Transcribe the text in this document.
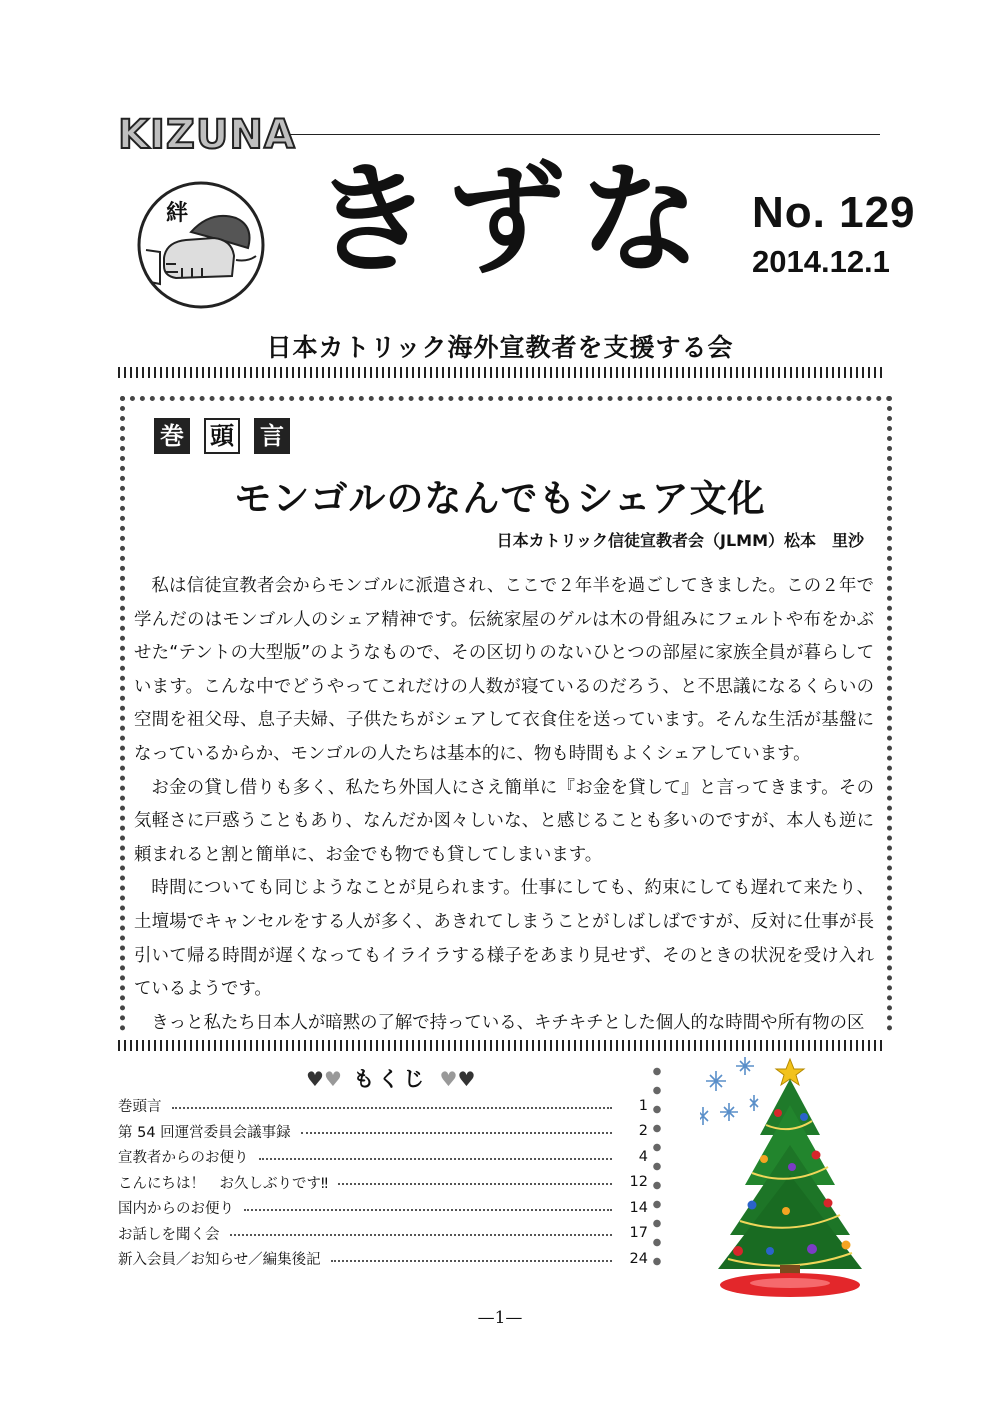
KIZUNA
絆 きずな No. 129
2014.12.1
日本カトリック海外宣教者を支援する会
巻 頭 言
モンゴルのなんでもシェア文化
日本カトリック信徒宣教者会（JLMM）松本　里沙

私は信徒宣教者会からモンゴルに派遣され、ここで２年半を過ごしてきました。この２年で学んだのはモンゴル人のシェア精神です。伝統家屋のゲルは木の骨組みにフェルトや布をかぶせた“テントの大型版”のようなもので、その区切りのないひとつの部屋に家族全員が暮らしています。こんな中でどうやってこれだけの人数が寝ているのだろう、と不思議になるくらいの空間を祖父母、息子夫婦、子供たちがシェアして衣食住を送っています。そんな生活が基盤になっているからか、モンゴルの人たちは基本的に、物も時間もよくシェアしています。

お金の貸し借りも多く、私たち外国人にさえ簡単に『お金を貸して』と言ってきます。その気軽さに戸惑うこともあり、なんだか図々しいな、と感じることも多いのですが、本人も逆に頼まれると割と簡単に、お金でも物でも貸してしまいます。

時間についても同じようなことが見られます。仕事にしても、約束にしても遅れて来たり、土壇場でキャンセルをする人が多く、あきれてしまうことがしばしばですが、反対に仕事が長引いて帰る時間が遅くなってもイライラする様子をあまり見せず、そのときの状況を受け入れているようです。

きっと私たち日本人が暗黙の了解で持っている、キチキチとした個人的な時間や所有物の区

♥♥ もくじ ♥♥
巻頭言	1
第 54 回運営委員会議事録	2
宣教者からのお便り	4
こんにちは！　お久しぶりです‼	12
国内からのお便り	14
お話しを聞く会	17
新入会員／お知らせ／編集後記	24
—1—
